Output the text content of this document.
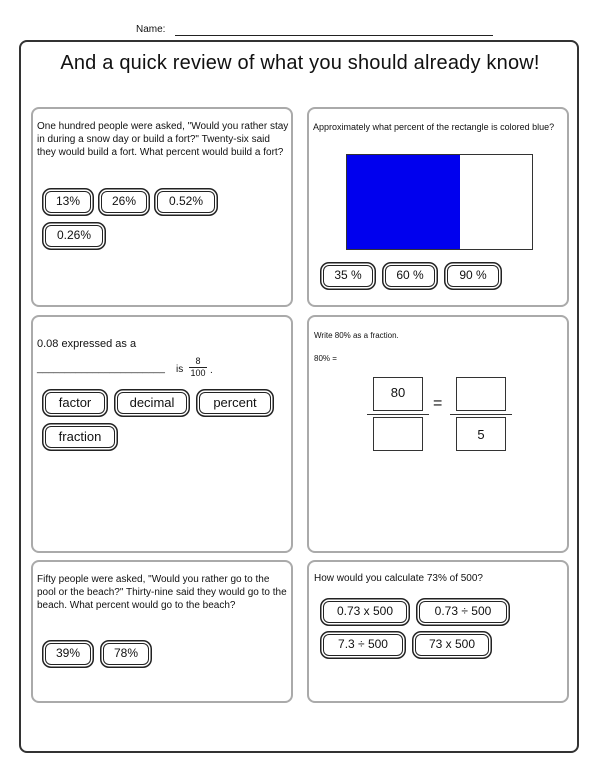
Name:
And a quick review of what you should already know!
One hundred people were asked, "Would you rather stay in during a snow day or build a fort?" Twenty-six said they would build a fort. What percent would build a fort?
13%	26%	0.52%
0.26%
Approximately what percent of the rectangle is colored blue?
35 %	60 %	90 %
0.08 expressed as a
_______________________ is
8
100 .
factor	decimal	percent
fraction
Write 80% as a fraction.
80% =
80
=
5
Fifty people were asked, "Would you rather go to the pool or the beach?" Thirty-nine said they would go to the beach. What percent would go to the beach?
39%	78%
How would you calculate 73% of 500?
0.73 x 500	0.73 ÷ 500
7.3 ÷ 500	73 x 500
